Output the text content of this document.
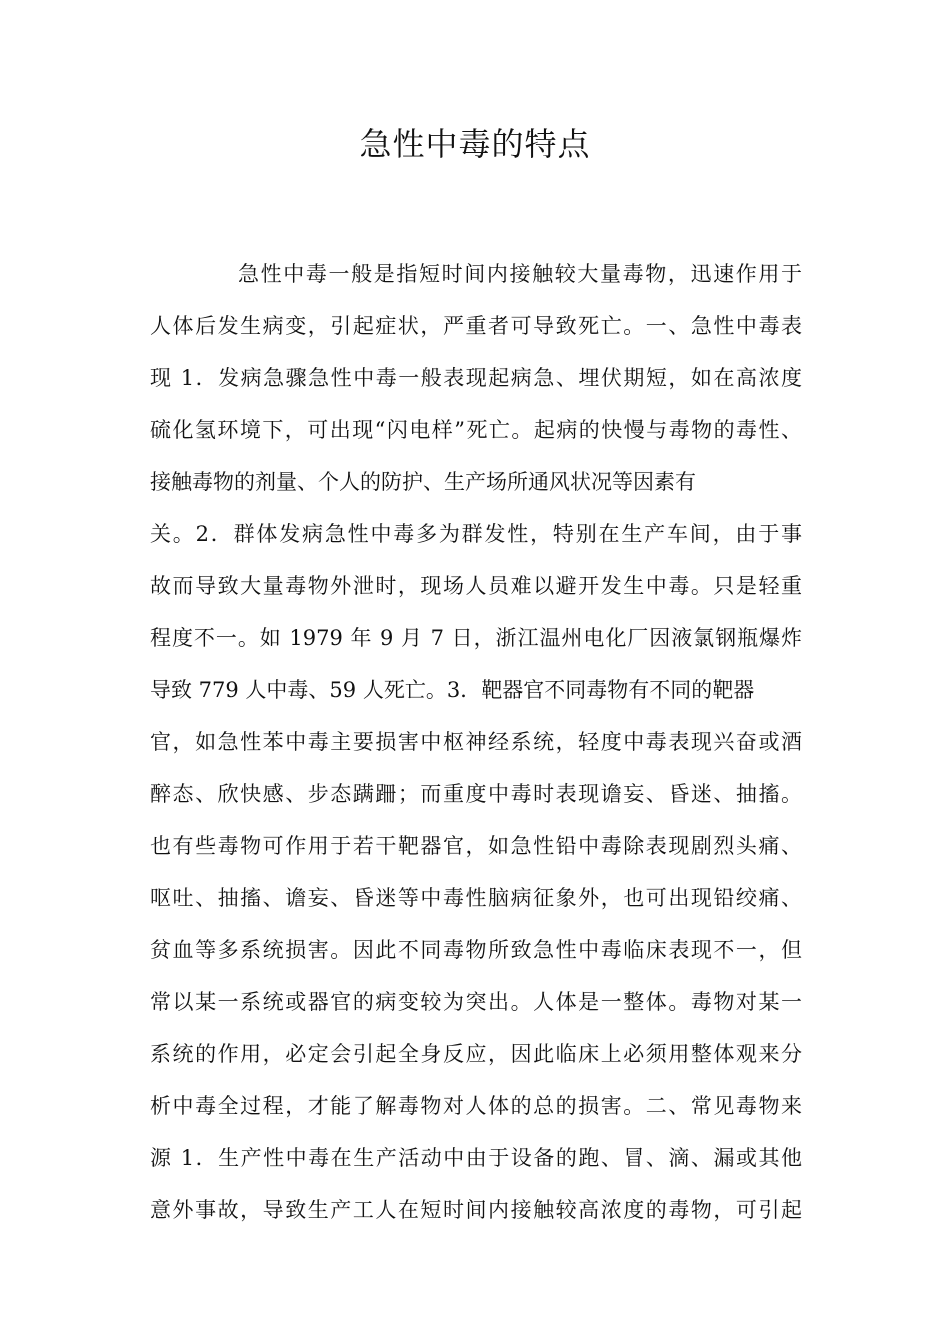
急性中毒的特点
急性中毒一般是指短时间内接触较大量毒物，迅速作用于
人体后发生病变，引起症状，严重者可导致死亡。一、急性中毒表
现 1．发病急骤急性中毒一般表现起病急、埋伏期短，如在高浓度
硫化氢环境下，可出现“闪电样”死亡。起病的快慢与毒物的毒性、
接触毒物的剂量、个人的防护、生产场所通风状况等因素有
关。2．群体发病急性中毒多为群发性，特别在生产车间，由于事
故而导致大量毒物外泄时，现场人员难以避开发生中毒。只是轻重
程度不一。如 1979 年 9 月 7 日，浙江温州电化厂因液氯钢瓶爆炸
导致 779 人中毒、59 人死亡。3．靶器官不同毒物有不同的靶器
官，如急性苯中毒主要损害中枢神经系统，轻度中毒表现兴奋或酒
醉态、欣快感、步态蹒跚；而重度中毒时表现谵妄、昏迷、抽搐。
也有些毒物可作用于若干靶器官，如急性铅中毒除表现剧烈头痛、
呕吐、抽搐、谵妄、昏迷等中毒性脑病征象外，也可出现铅绞痛、
贫血等多系统损害。因此不同毒物所致急性中毒临床表现不一，但
常以某一系统或器官的病变较为突出。人体是一整体。毒物对某一
系统的作用，必定会引起全身反应，因此临床上必须用整体观来分
析中毒全过程，才能了解毒物对人体的总的损害。二、常见毒物来
源 1．生产性中毒在生产活动中由于设备的跑、冒、滴、漏或其他
意外事故，导致生产工人在短时间内接触较高浓度的毒物，可引起
